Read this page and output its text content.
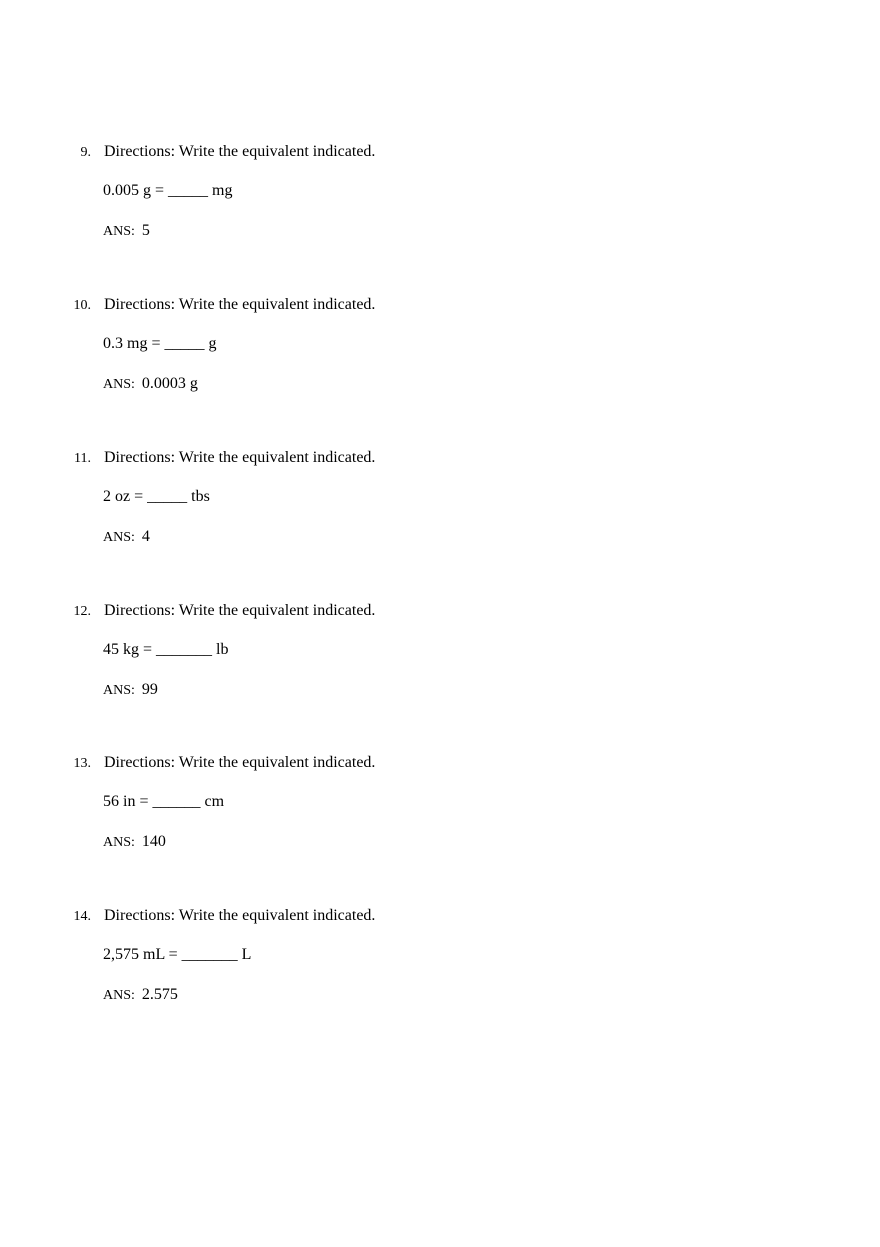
9. Directions: Write the equivalent indicated.
0.005 g = _____ mg
ANS: 5
10. Directions: Write the equivalent indicated.
0.3 mg = _____ g
ANS: 0.0003 g
11. Directions: Write the equivalent indicated.
2 oz = _____ tbs
ANS: 4
12. Directions: Write the equivalent indicated.
45 kg = _______ lb
ANS: 99
13. Directions: Write the equivalent indicated.
56 in = ______ cm
ANS: 140
14. Directions: Write the equivalent indicated.
2,575 mL = _______ L
ANS: 2.575
